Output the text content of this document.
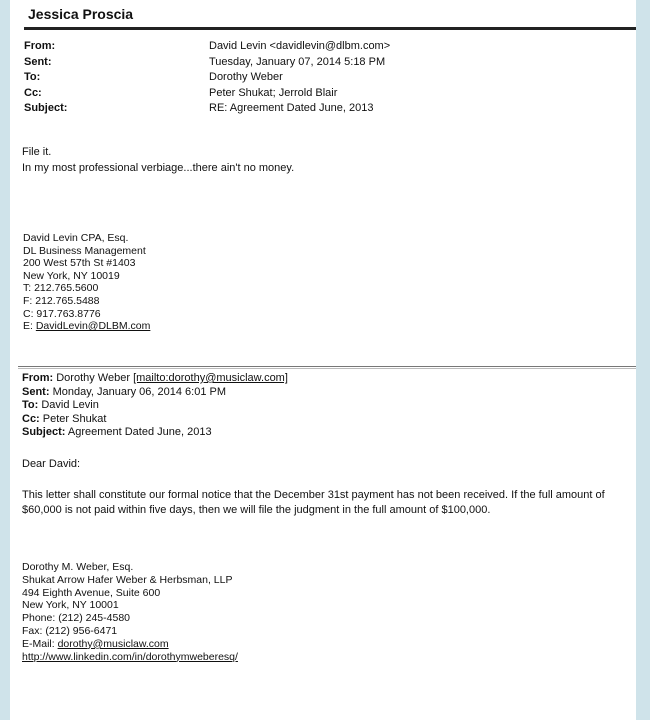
Jessica Proscia
From:	David Levin <davidlevin@dlbm.com>
Sent:	Tuesday, January 07, 2014 5:18 PM
To:	Dorothy Weber
Cc:	Peter Shukat; Jerrold Blair
Subject:	RE: Agreement Dated June, 2013
File it.
In my most professional verbiage...there ain't no money.
David Levin CPA, Esq.
DL Business Management
200 West 57th St #1403
New York, NY 10019
T: 212.765.5600
F: 212.765.5488
C: 917.763.8776
E: DavidLevin@DLBM.com
From: Dorothy Weber [mailto:dorothy@musiclaw.com]
Sent: Monday, January 06, 2014 6:01 PM
To: David Levin
Cc: Peter Shukat
Subject: Agreement Dated June, 2013
Dear David:
This letter shall constitute our formal notice that the December 31st payment has not been received. If the full amount of $60,000 is not paid within five days, then we will file the judgment in the full amount of $100,000.
Dorothy M. Weber, Esq.
Shukat Arrow Hafer Weber & Herbsman, LLP
494 Eighth Avenue, Suite 600
New York, NY 10001
Phone: (212) 245-4580
Fax: (212) 956-6471
E-Mail: dorothy@musiclaw.com
http://www.linkedin.com/in/dorothymweberesq/
